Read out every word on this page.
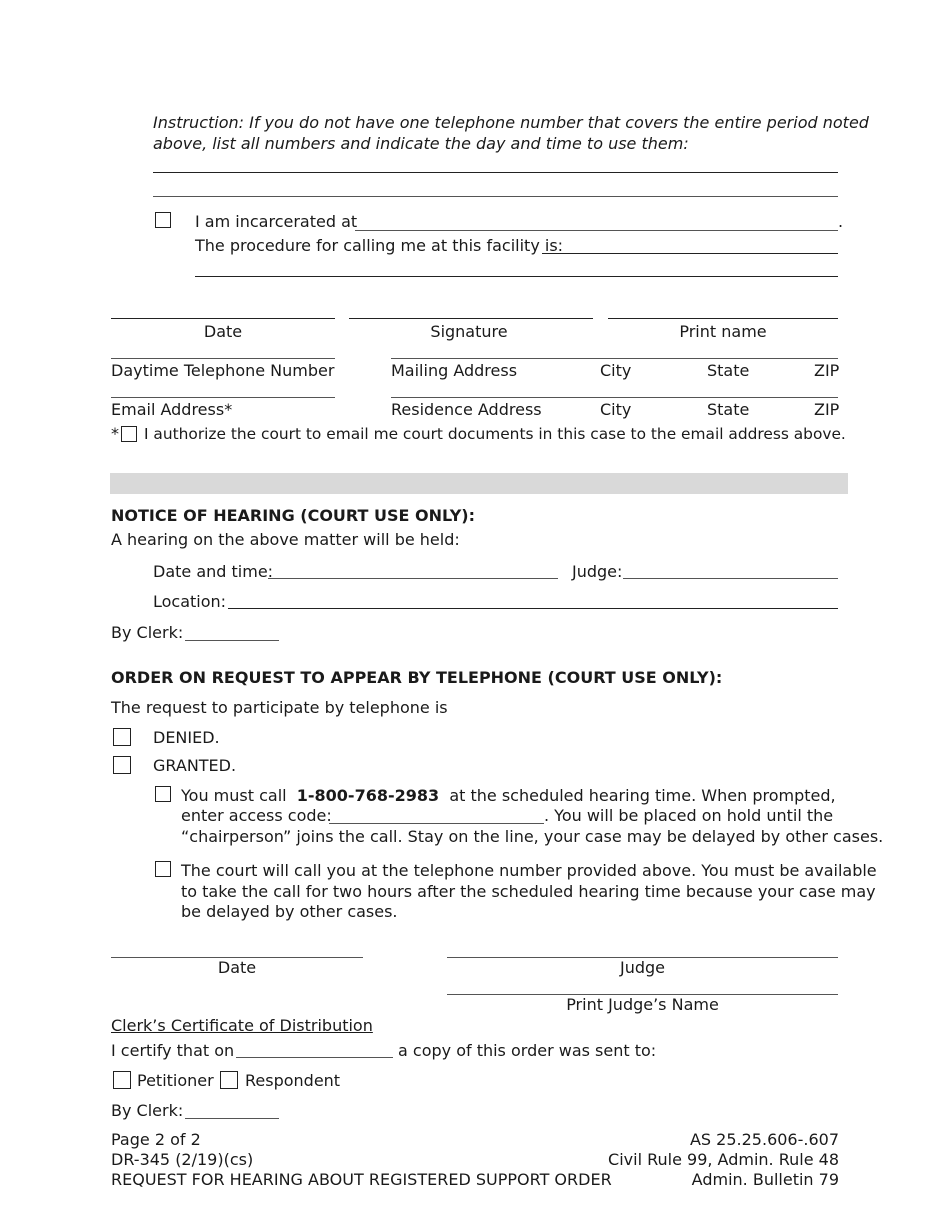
Instruction: If you do not have one telephone number that covers the entire period noted
above, list all numbers and indicate the day and time to use them:
I am incarcerated at	.
The procedure for calling me at this facility is:
Date	Signature	Print name
Daytime Telephone Number	Mailing Address	City	State	ZIP
Email Address*	Residence Address	City	State	ZIP
* I authorize the court to email me court documents in this case to the email address above.
NOTICE OF HEARING (COURT USE ONLY):
A hearing on the above matter will be held:
Date and time:	Judge:
Location:
By Clerk:
ORDER ON REQUEST TO APPEAR BY TELEPHONE (COURT USE ONLY):
The request to participate by telephone is
DENIED.
GRANTED.
You must call 1-800-768-2983 at the scheduled hearing time. When prompted,
enter access code:	. You will be placed on hold until the
“chairperson” joins the call. Stay on the line, your case may be delayed by other cases.
The court will call you at the telephone number provided above. You must be available
to take the call for two hours after the scheduled hearing time because your case may
be delayed by other cases.
Date	Judge
Print Judge’s Name
Clerk’s Certificate of Distribution
I certify that on	a copy of this order was sent to:
Petitioner Respondent
By Clerk:
Page 2 of 2
DR-345 (2/19)(cs)
REQUEST FOR HEARING ABOUT REGISTERED SUPPORT ORDER
AS 25.25.606-.607
Civil Rule 99, Admin. Rule 48
Admin. Bulletin 79
